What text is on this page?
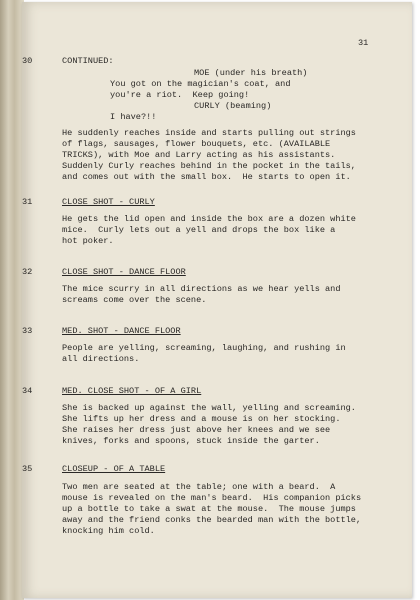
31
30	CONTINUED:
MOE (under his breath)
You got on the magician's coat, and
you're a riot.  Keep going!
CURLY (beaming)
I have?!!
He suddenly reaches inside and starts pulling out strings
of flags, sausages, flower bouquets, etc. (AVAILABLE
TRICKS), with Moe and Larry acting as his assistants.
Suddenly Curly reaches behind in the pocket in the tails,
and comes out with the small box.  He starts to open it.
31	CLOSE SHOT - CURLY
He gets the lid open and inside the box are a dozen white
mice.  Curly lets out a yell and drops the box like a
hot poker.
32	CLOSE SHOT - DANCE FLOOR
The mice scurry in all directions as we hear yells and
screams come over the scene.
33	MED. SHOT - DANCE FLOOR
People are yelling, screaming, laughing, and rushing in
all directions.
34	MED. CLOSE SHOT - OF A GIRL
She is backed up against the wall, yelling and screaming.
She lifts up her dress and a mouse is on her stocking.
She raises her dress just above her knees and we see
knives, forks and spoons, stuck inside the garter.
35	CLOSEUP - OF A TABLE
Two men are seated at the table; one with a beard.  A
mouse is revealed on the man's beard.  His companion picks
up a bottle to take a swat at the mouse.  The mouse jumps
away and the friend conks the bearded man with the bottle,
knocking him cold.
